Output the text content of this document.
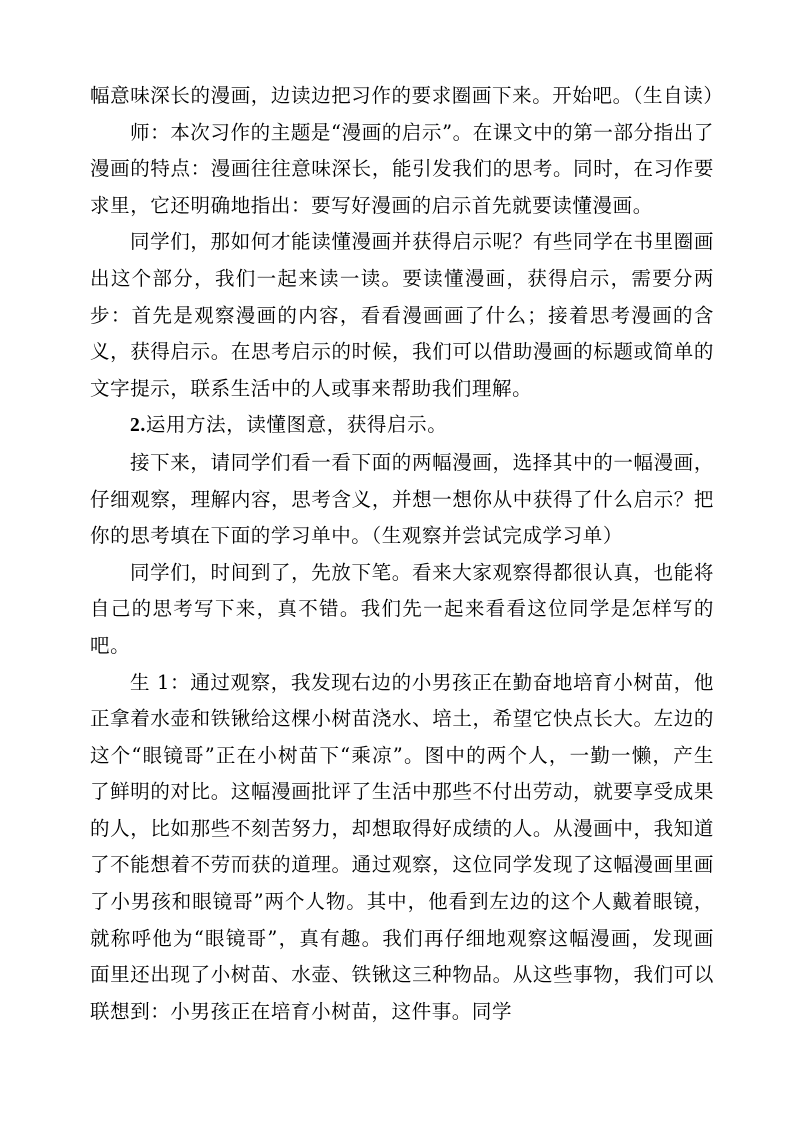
幅意味深长的漫画，边读边把习作的要求圈画下来。开始吧。（生自读）

师：本次习作的主题是“漫画的启示”。在课文中的第一部分指出了漫画的特点：漫画往往意味深长，能引发我们的思考。同时，在习作要求里，它还明确地指出：要写好漫画的启示首先就要读懂漫画。

同学们，那如何才能读懂漫画并获得启示呢？有些同学在书里圈画出这个部分，我们一起来读一读。要读懂漫画，获得启示，需要分两步：首先是观察漫画的内容，看看漫画画了什么；接着思考漫画的含义，获得启示。在思考启示的时候，我们可以借助漫画的标题或简单的文字提示，联系生活中的人或事来帮助我们理解。

2.运用方法，读懂图意，获得启示。

接下来，请同学们看一看下面的两幅漫画，选择其中的一幅漫画，仔细观察，理解内容，思考含义，并想一想你从中获得了什么启示？把你的思考填在下面的学习单中。（生观察并尝试完成学习单）

同学们，时间到了，先放下笔。看来大家观察得都很认真，也能将自己的思考写下来，真不错。我们先一起来看看这位同学是怎样写的吧。

生 1：通过观察，我发现右边的小男孩正在勤奋地培育小树苗，他正拿着水壶和铁锹给这棵小树苗浇水、培土，希望它快点长大。左边的这个“眼镜哥”正在小树苗下“乘凉”。图中的两个人，一勤一懒，产生了鲜明的对比。这幅漫画批评了生活中那些不付出劳动，就要享受成果的人，比如那些不刻苦努力，却想取得好成绩的人。从漫画中，我知道了不能想着不劳而获的道理。通过观察，这位同学发现了这幅漫画里画了小男孩和眼镜哥”两个人物。其中，他看到左边的这个人戴着眼镜，就称呼他为“眼镜哥”，真有趣。我们再仔细地观察这幅漫画，发现画面里还出现了小树苗、水壶、铁锹这三种物品。从这些事物，我们可以联想到：小男孩正在培育小树苗，这件事。同学
